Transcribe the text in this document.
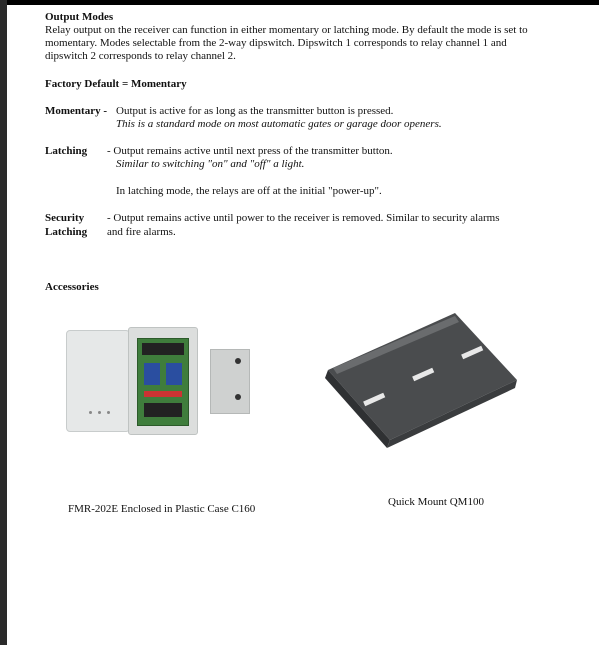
Output Modes
Relay output on the receiver can function in either momentary or latching mode. By default the mode is set to
momentary. Modes selectable from the 2-way dipswitch. Dipswitch 1 corresponds to relay channel 1 and
dipswitch 2 corresponds to relay channel 2.
Factory Default = Momentary
Momentary - Output is active for as long as the transmitter button is pressed.
This is a standard mode on most automatic gates or garage door openers.
Latching - Output remains active until next press of the transmitter button.
Similar to switching "on" and "off" a light.
In latching mode, the relays are off at the initial "power-up".
Security
Latching
- Output remains active until power to the receiver is removed. Similar to security alarms
and fire alarms.
Accessories
FMR-202E Enclosed in Plastic Case C160
Quick Mount QM100
